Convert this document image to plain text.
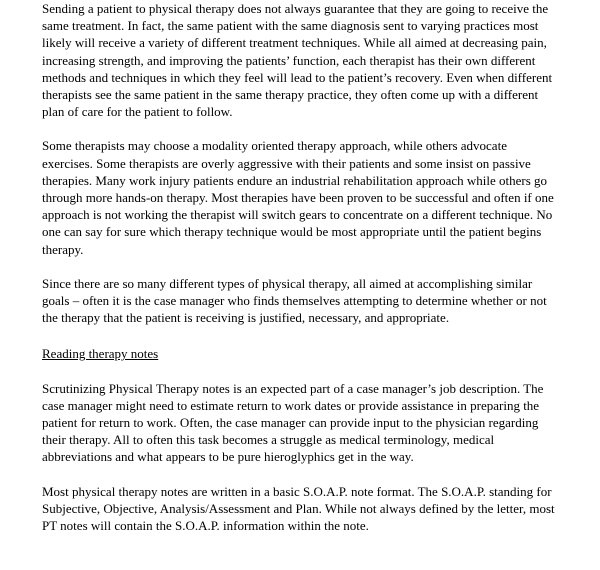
Sending a patient to physical therapy does not always guarantee that they are going to receive the same treatment. In fact, the same patient with the same diagnosis sent to varying practices most likely will receive a variety of different treatment techniques. While all aimed at decreasing pain, increasing strength, and improving the patients’ function, each therapist has their own different methods and techniques in which they feel will lead to the patient’s recovery. Even when different therapists see the same patient in the same therapy practice, they often come up with a different plan of care for the patient to follow.

Some therapists may choose a modality oriented therapy approach, while others advocate exercises. Some therapists are overly aggressive with their patients and some insist on passive therapies. Many work injury patients endure an industrial rehabilitation approach while others go through more hands-on therapy. Most therapies have been proven to be successful and often if one approach is not working the therapist will switch gears to concentrate on a different technique. No one can say for sure which therapy technique would be most appropriate until the patient begins therapy.

Since there are so many different types of physical therapy, all aimed at accomplishing similar goals – often it is the case manager who finds themselves attempting to determine whether or not the therapy that the patient is receiving is justified, necessary, and appropriate.

Reading therapy notes

Scrutinizing Physical Therapy notes is an expected part of a case manager’s job description. The case manager might need to estimate return to work dates or provide assistance in preparing the patient for return to work. Often, the case manager can provide input to the physician regarding their therapy. All to often this task becomes a struggle as medical terminology, medical abbreviations and what appears to be pure hieroglyphics get in the way.

Most physical therapy notes are written in a basic S.O.A.P. note format. The S.O.A.P. standing for Subjective, Objective, Analysis/Assessment and Plan. While not always defined by the letter, most PT notes will contain the S.O.A.P. information within the note.
